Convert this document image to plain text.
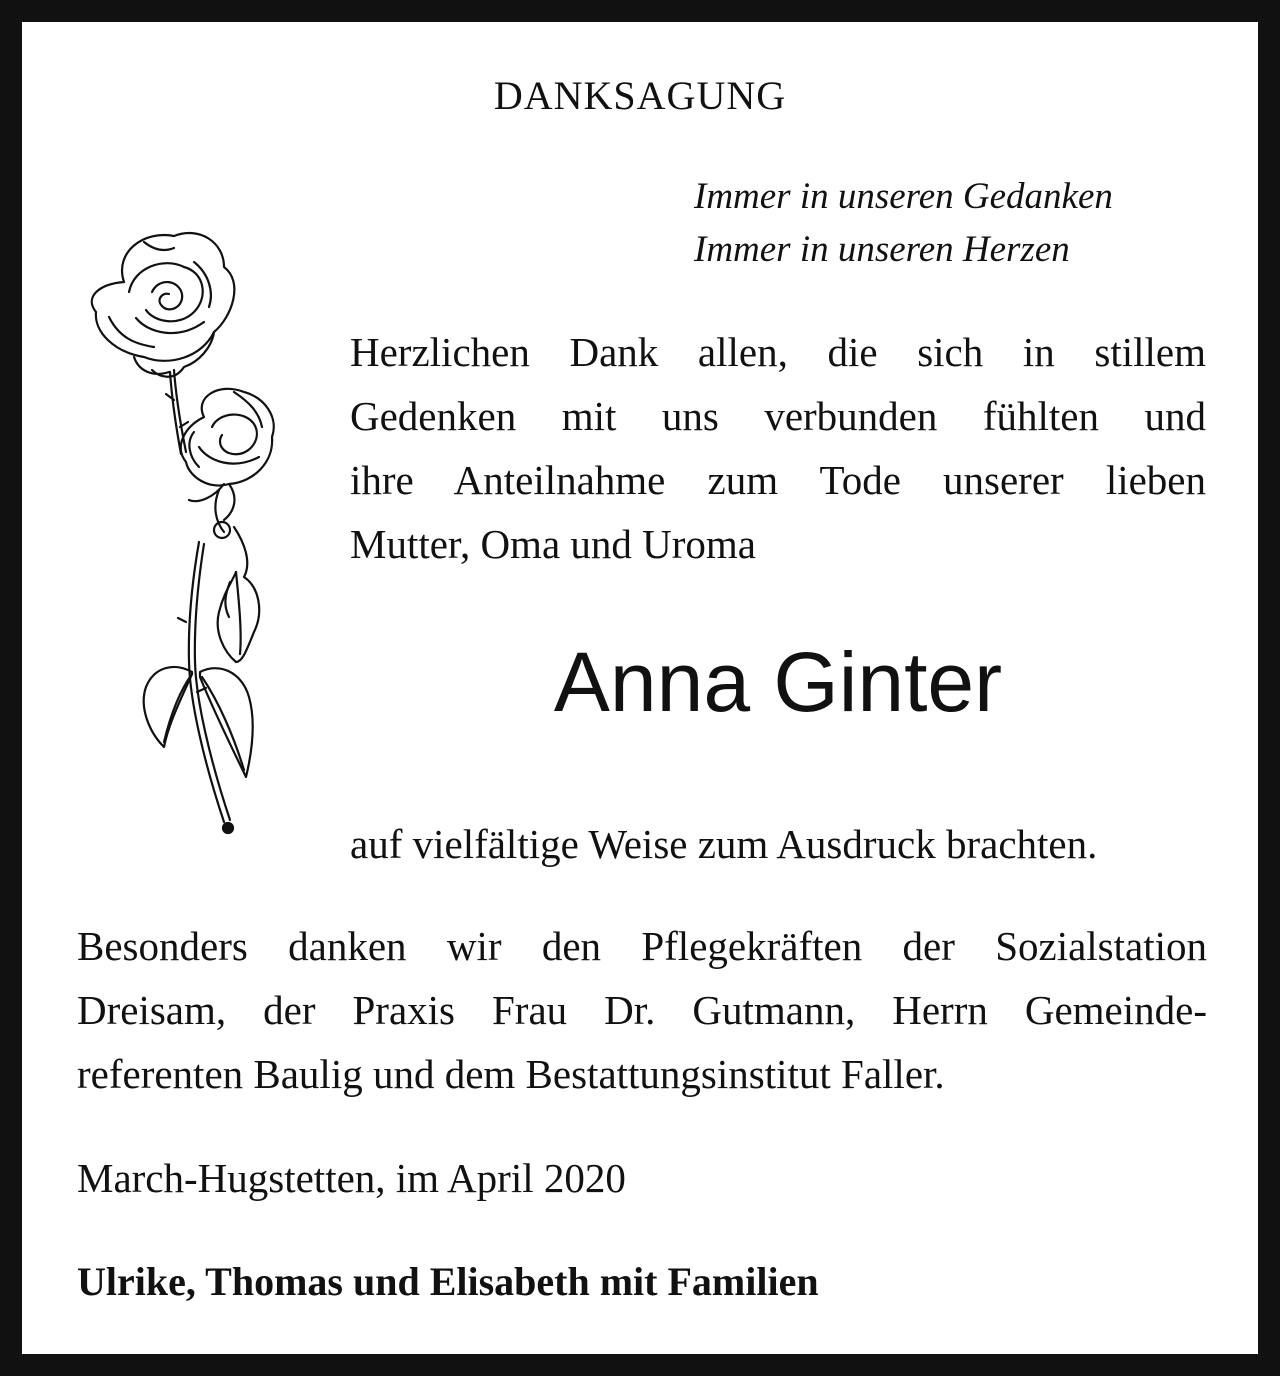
DANKSAGUNG
Immer in unseren Gedanken
Immer in unseren Herzen
Herzlichen Dank allen, die sich in stillem
Gedenken mit uns verbunden fühlten und
ihre Anteilnahme zum Tode unserer lieben
Mutter, Oma und Uroma
Anna Ginter
auf vielfältige Weise zum Ausdruck brachten.
Besonders danken wir den Pflegekräften der Sozialstation
Dreisam, der Praxis Frau Dr. Gutmann, Herrn Gemeinde-
referenten Baulig und dem Bestattungsinstitut Faller.
March-Hugstetten, im April 2020
Ulrike, Thomas und Elisabeth mit Familien
